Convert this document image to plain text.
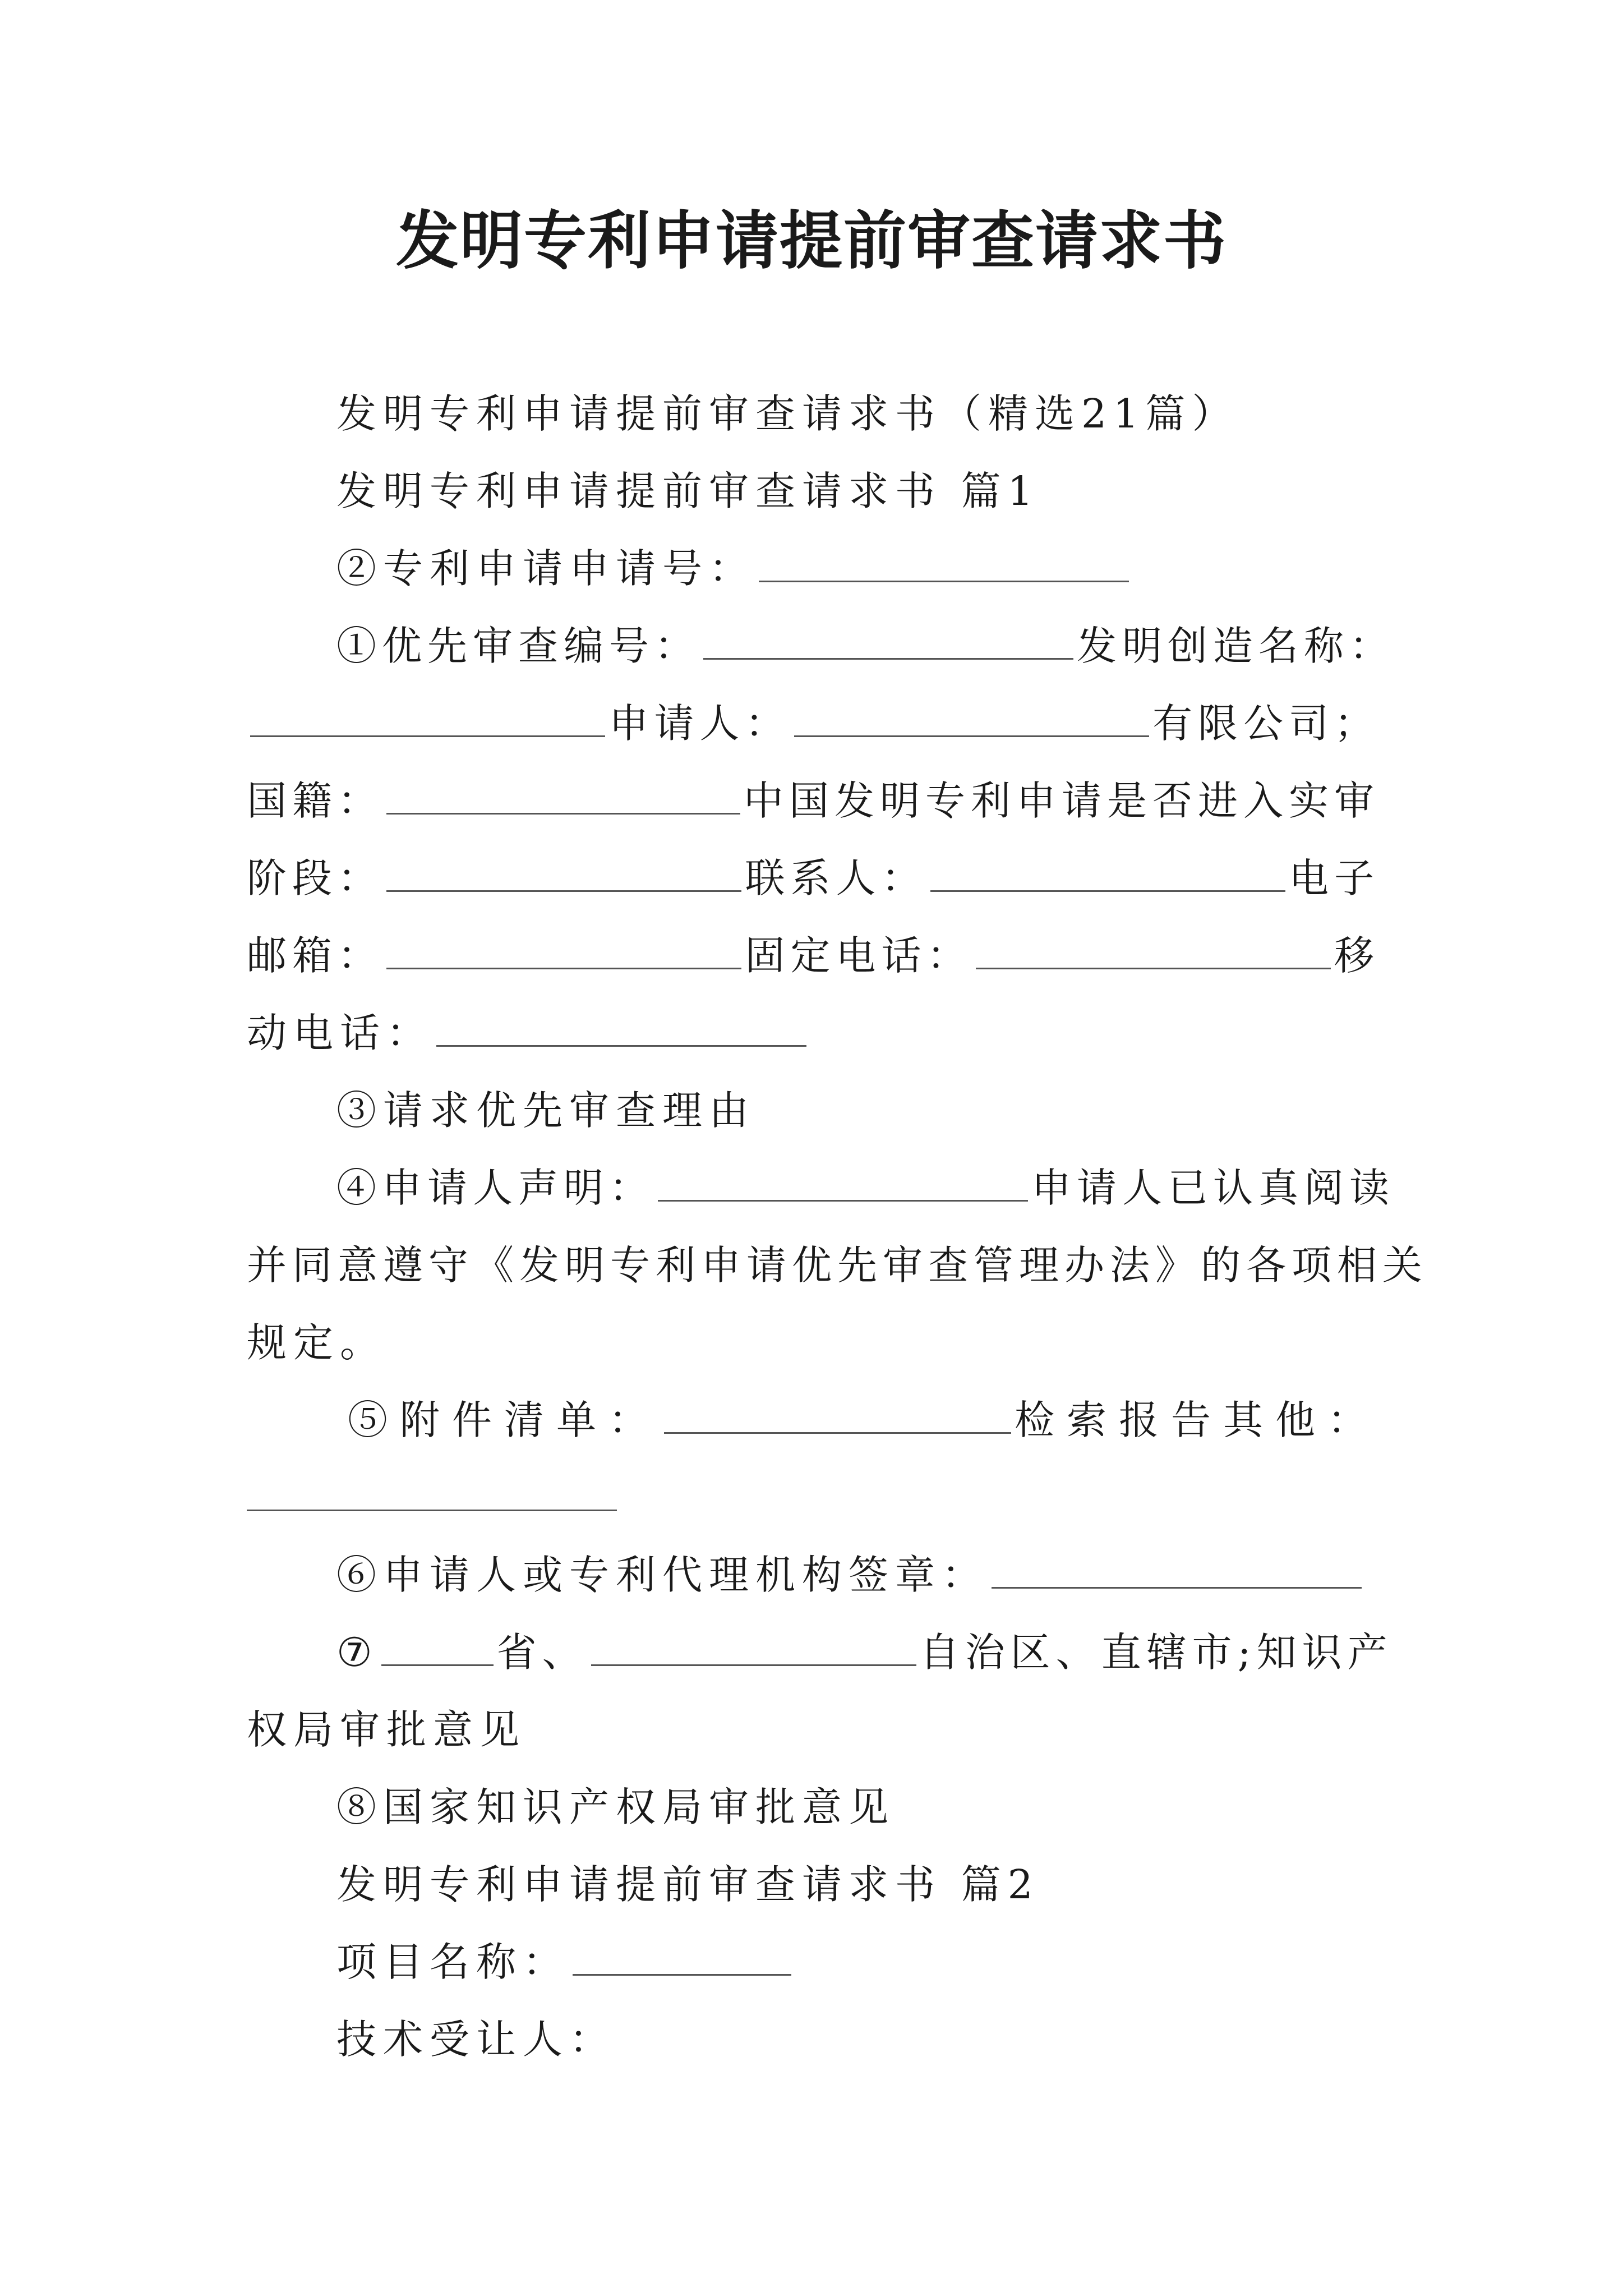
发明专利申请提前审查请求书
发明专利申请提前审查请求书（精选21篇）
发明专利申请提前审查请求书 篇1
②专利申请申请号：
①优先审查编号：	发明创造名称：
申请人：	有限公司；
国籍：	中国发明专利申请是否进入实审
阶段：	联系人：	电子
邮箱：	固定电话：	移
动电话：
③请求优先审查理由
④申请人声明：	申请人已认真阅读
并同意遵守《发明专利申请优先审查管理办法》的各项相关
规定。
⑤附件清单：	检索报告其他：
⑥申请人或专利代理机构签章：
⑦	省、	自治区、直辖市;知识产
权局审批意见
⑧国家知识产权局审批意见
发明专利申请提前审查请求书 篇2
项目名称：
技术受让人：
